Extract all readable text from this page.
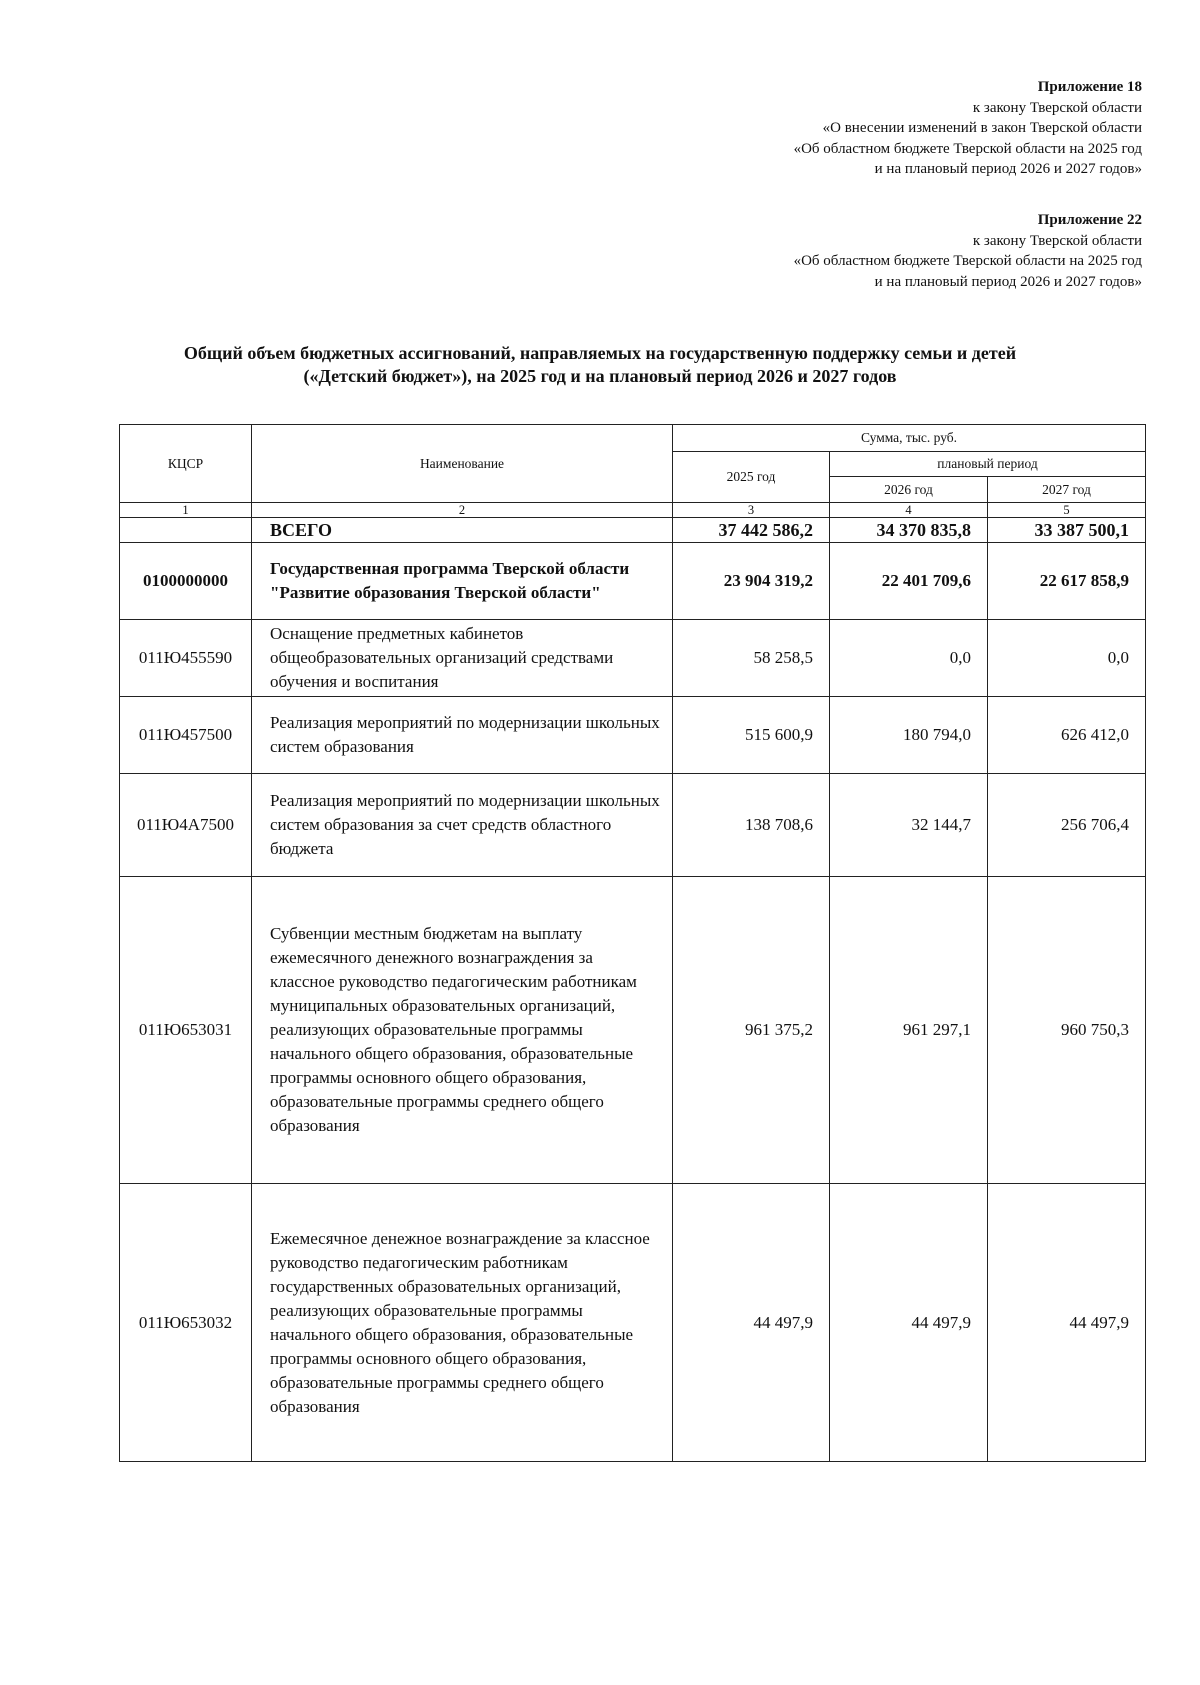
Приложение 18
к закону Тверской области
«О внесении изменений в закон Тверской области
«Об областном бюджете Тверской области на 2025 год
и на плановый период 2026 и 2027 годов»
Приложение 22
к закону Тверской области
«Об областном бюджете Тверской области на 2025 год
и на плановый период 2026 и 2027 годов»
Общий объем бюджетных ассигнований, направляемых на государственную поддержку семьи и детей
(«Детский бюджет»), на 2025 год и на плановый период 2026 и 2027 годов
КЦСР	Наименование	Сумма, тыс. руб.		
		2025 год	плановый период	
			2026 год	2027 год
1	2	3	4	5
	ВСЕГО	37 442 586,2	34 370 835,8	33 387 500,1
0100000000	Государственная программа Тверской области "Развитие образования Тверской области"	23 904 319,2	22 401 709,6	22 617 858,9
011Ю455590	Оснащение предметных кабинетов общеобразовательных организаций средствами обучения и воспитания	58 258,5	0,0	0,0
011Ю457500	Реализация мероприятий по модернизации школьных систем образования	515 600,9	180 794,0	626 412,0
011Ю4А7500	Реализация мероприятий по модернизации школьных систем образования за счет средств областного бюджета	138 708,6	32 144,7	256 706,4
011Ю653031	Субвенции местным бюджетам на выплату ежемесячного денежного вознаграждения за классное руководство педагогическим работникам муниципальных образовательных организаций, реализующих образовательные программы начального общего образования, образовательные программы основного общего образования, образовательные программы среднего общего образования	961 375,2	961 297,1	960 750,3
011Ю653032	Ежемесячное денежное вознаграждение за классное руководство педагогическим работникам государственных образовательных организаций, реализующих образовательные программы начального общего образования, образовательные программы основного общего образования, образовательные программы среднего общего образования	44 497,9	44 497,9	44 497,9
